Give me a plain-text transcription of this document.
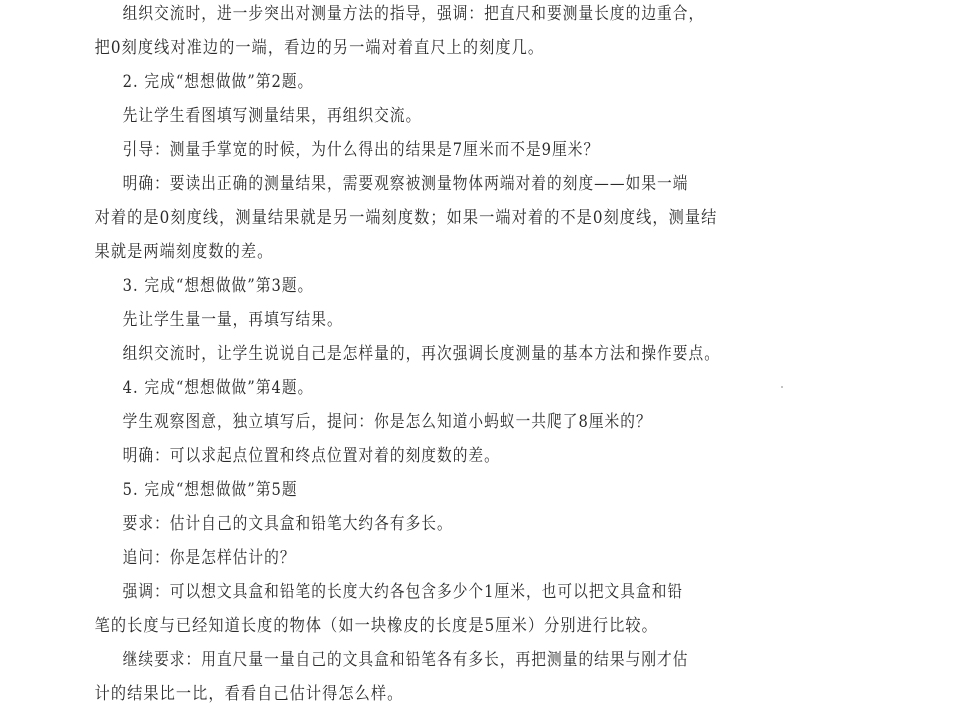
组织交流时，进一步突出对测量方法的指导，强调：把直尺和要测量长度的边重合，
把0刻度线对准边的一端，看边的另一端对着直尺上的刻度几。
2. 完成“想想做做”第2题。
先让学生看图填写测量结果，再组织交流。
引导：测量手掌宽的时候，为什么得出的结果是7厘米而不是9厘米？
明确：要读出正确的测量结果，需要观察被测量物体两端对着的刻度——如果一端
对着的是0刻度线，测量结果就是另一端刻度数；如果一端对着的不是0刻度线，测量结
果就是两端刻度数的差。
3. 完成“想想做做”第3题。
先让学生量一量，再填写结果。
组织交流时，让学生说说自己是怎样量的，再次强调长度测量的基本方法和操作要点。
4. 完成“想想做做”第4题。
学生观察图意，独立填写后，提问：你是怎么知道小蚂蚁一共爬了8厘米的？
明确：可以求起点位置和终点位置对着的刻度数的差。
5. 完成“想想做做”第5题
要求：估计自己的文具盒和铅笔大约各有多长。
追问：你是怎样估计的？
强调：可以想文具盒和铅笔的长度大约各包含多少个1厘米，也可以把文具盒和铅
笔的长度与已经知道长度的物体（如一块橡皮的长度是5厘米）分别进行比较。
继续要求：用直尺量一量自己的文具盒和铅笔各有多长，再把测量的结果与刚才估
计的结果比一比，看看自己估计得怎么样。
